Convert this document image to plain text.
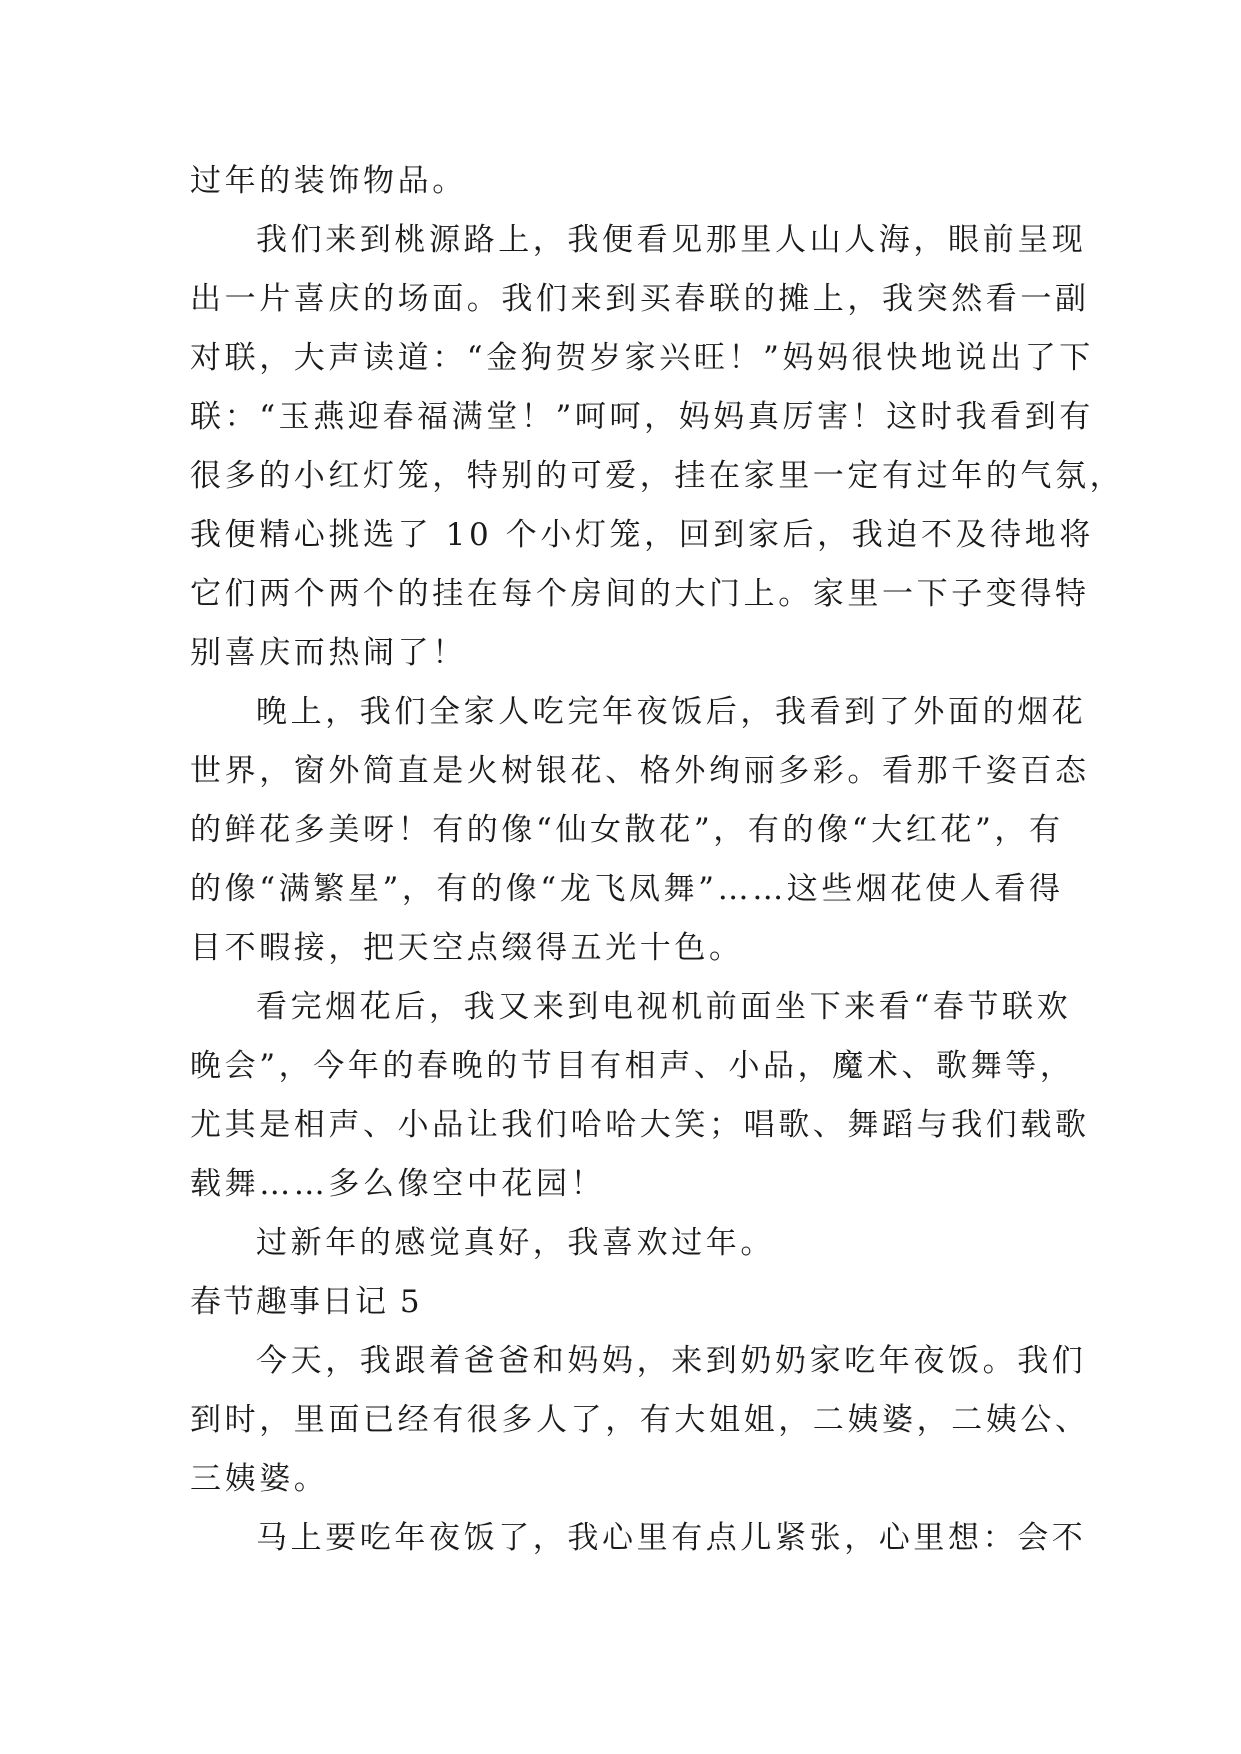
过年的装饰物品。
我们来到桃源路上，我便看见那里人山人海，眼前呈现
出一片喜庆的场面。我们来到买春联的摊上，我突然看一副
对联，大声读道：“金狗贺岁家兴旺！”妈妈很快地说出了下
联：“玉燕迎春福满堂！”呵呵，妈妈真厉害！这时我看到有
很多的小红灯笼，特别的可爱，挂在家里一定有过年的气氛，
我便精心挑选了 10 个小灯笼，回到家后，我迫不及待地将
它们两个两个的挂在每个房间的大门上。家里一下子变得特
别喜庆而热闹了！
晚上，我们全家人吃完年夜饭后，我看到了外面的烟花
世界，窗外简直是火树银花、格外绚丽多彩。看那千姿百态
的鲜花多美呀！有的像“仙女散花”，有的像“大红花”，有
的像“满繁星”，有的像“龙飞凤舞”……这些烟花使人看得
目不暇接，把天空点缀得五光十色。
看完烟花后，我又来到电视机前面坐下来看“春节联欢
晚会”，今年的春晚的节目有相声、小品，魔术、歌舞等，
尤其是相声、小品让我们哈哈大笑；唱歌、舞蹈与我们载歌
载舞……多么像空中花园！
过新年的感觉真好，我喜欢过年。
春节趣事日记 5
今天，我跟着爸爸和妈妈，来到奶奶家吃年夜饭。我们
到时，里面已经有很多人了，有大姐姐，二姨婆，二姨公、
三姨婆。
马上要吃年夜饭了，我心里有点儿紧张，心里想：会不
